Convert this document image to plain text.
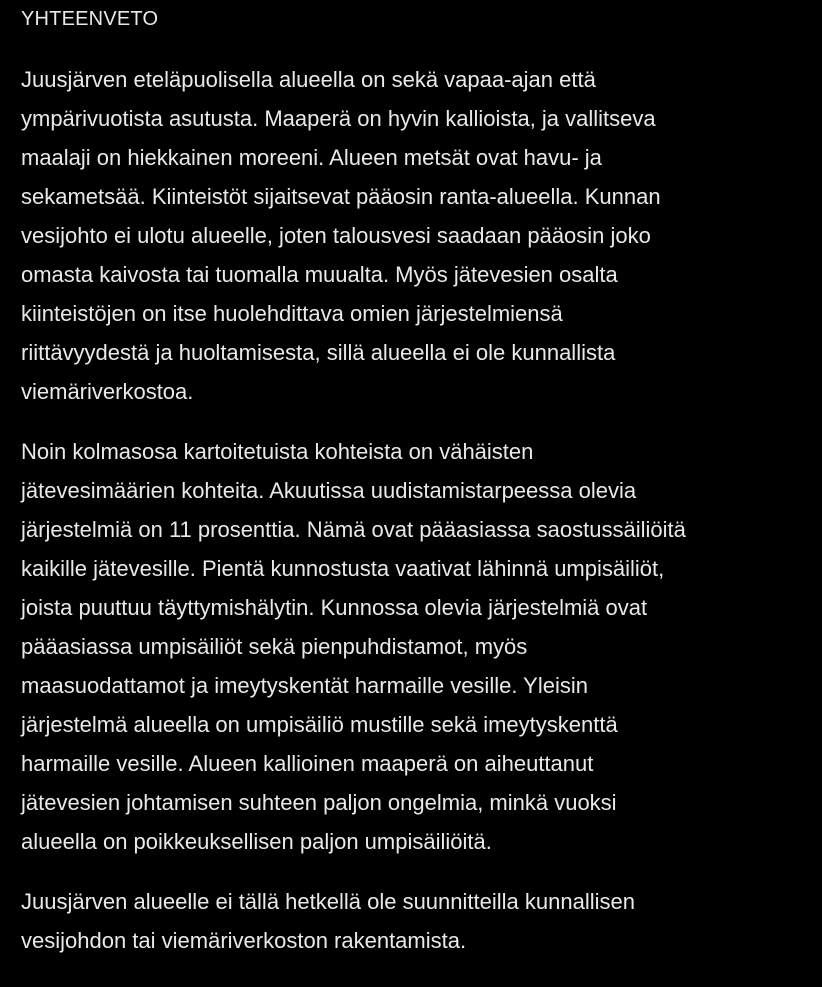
YHTEENVETO

Juusjärven eteläpuolisella alueella on sekä vapaa-ajan että
ympärivuotista asutusta. Maaperä on hyvin kallioista, ja vallitseva
maalaji on hiekkainen moreeni. Alueen metsät ovat havu- ja
sekametsää. Kiinteistöt sijaitsevat pääosin ranta-alueella. Kunnan
vesijohto ei ulotu alueelle, joten talousvesi saadaan pääosin joko
omasta kaivosta tai tuomalla muualta. Myös jätevesien osalta
kiinteistöjen on itse huolehdittava omien järjestelmiensä
riittävyydestä ja huoltamisesta, sillä alueella ei ole kunnallista
viemäriverkostoa.

Noin kolmasosa kartoitetuista kohteista on vähäisten
jätevesimäärien kohteita. Akuutissa uudistamistarpeessa olevia
järjestelmiä on 11 prosenttia. Nämä ovat pääasiassa saostussäiliöitä
kaikille jätevesille. Pientä kunnostusta vaativat lähinnä umpisäiliöt,
joista puuttuu täyttymishälytin. Kunnossa olevia järjestelmiä ovat
pääasiassa umpisäiliöt sekä pienpuhdistamot, myös
maasuodattamot ja imeytyskentät harmaille vesille. Yleisin
järjestelmä alueella on umpisäiliö mustille sekä imeytyskenttä
harmaille vesille. Alueen kallioinen maaperä on aiheuttanut
jätevesien johtamisen suhteen paljon ongelmia, minkä vuoksi
alueella on poikkeuksellisen paljon umpisäiliöitä.

Juusjärven alueelle ei tällä hetkellä ole suunnitteilla kunnallisen
vesijohdon tai viemäriverkoston rakentamista.
